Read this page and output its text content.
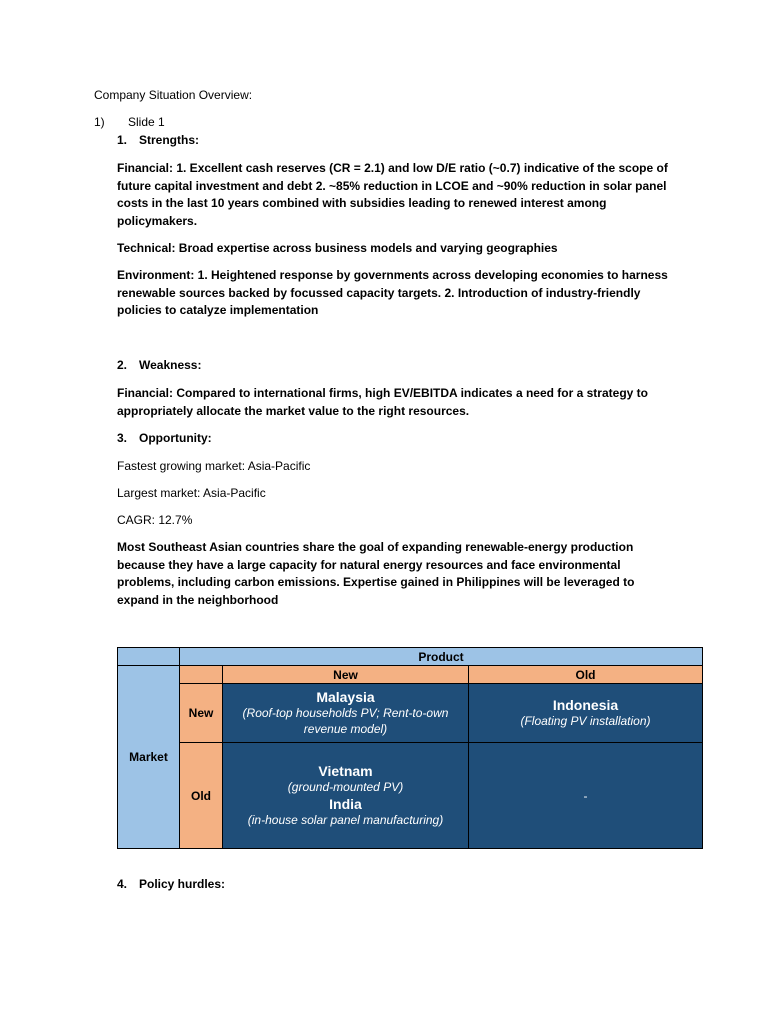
Company Situation Overview:
1) Slide 1
1. Strengths:
Financial: 1. Excellent cash reserves (CR = 2.1) and low D/E ratio (~0.7) indicative of the scope of future capital investment and debt 2. ~85% reduction in LCOE and ~90% reduction in solar panel costs in the last 10 years combined with subsidies leading to renewed interest among policymakers.
Technical: Broad expertise across business models and varying geographies
Environment: 1. Heightened response by governments across developing economies to harness renewable sources backed by focussed capacity targets. 2. Introduction of industry-friendly policies to catalyze implementation
2. Weakness:
Financial: Compared to international firms, high EV/EBITDA indicates a need for a strategy to appropriately allocate the market value to the right resources.
3. Opportunity:
Fastest growing market: Asia-Pacific
Largest market: Asia-Pacific
CAGR: 12.7%
Most Southeast Asian countries share the goal of expanding renewable-energy production because they have a large capacity for natural energy resources and face environmental problems, including carbon emissions. Expertise gained in Philippines will be leveraged to expand in the neighborhood
Product
Market
New	Old
New
Old
Malaysia
(Roof-top households PV; Rent-to-own revenue model)
Indonesia
(Floating PV installation)
Vietnam
(ground-mounted PV)
India
(in-house solar panel manufacturing)
-
4. Policy hurdles:
